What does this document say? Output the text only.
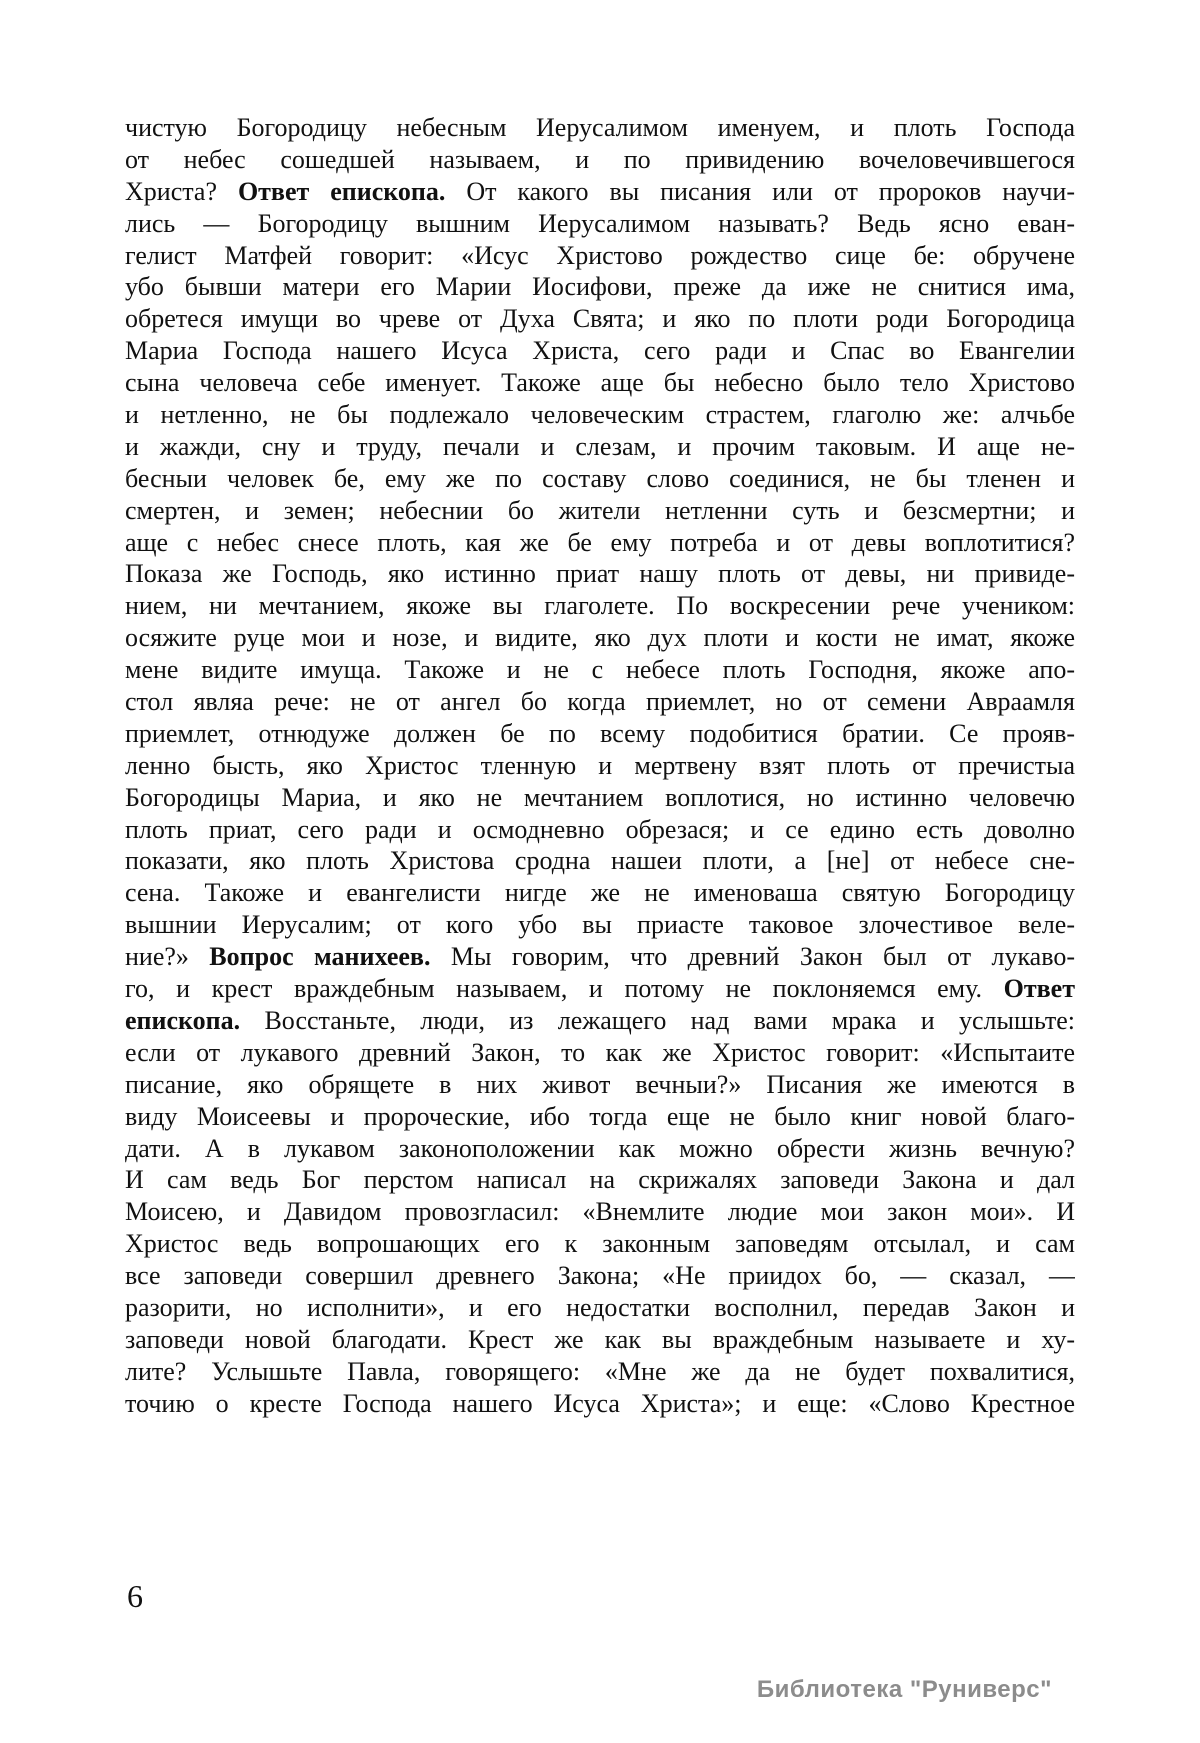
чистую Богородицу небесным Иерусалимом именуем, и плоть Господа
от небес сошедшей называем, и по привидению вочеловечившегося
Христа? Ответ епископа. От какого вы писания или от пророков научи-
лись — Богородицу вышним Иерусалимом называть? Ведь ясно еван-
гелист Матфей говорит: «Исус Христово рождество сице бе: обручене
убо бывши матери его Марии Иосифови, преже да иже не снитися има,
обретеся имущи во чреве от Духа Свята; и яко по плоти роди Богородица
Мариа Господа нашего Исуса Христа, сего ради и Спас во Евангелии
сына человеча себе именует. Такоже аще бы небесно было тело Христово
и нетленно, не бы подлежало человеческим страстем, глаголю же: алчьбе
и жажди, сну и труду, печали и слезам, и прочим таковым. И аще не-
бесныи человек бе, ему же по составу слово соединися, не бы тленен и
смертен, и земен; небеснии бо жители нетленни суть и безсмертни; и
аще с небес снесе плоть, кая же бе ему потреба и от девы воплотитися?
Показа же Господь, яко истинно приат нашу плоть от девы, ни привиде-
нием, ни мечтанием, якоже вы глаголете. По воскресении рече учеником:
осяжите руце мои и нозе, и видите, яко дух плоти и кости не имат, якоже
мене видите имуща. Такоже и не с небесе плоть Господня, якоже апо-
стол являа рече: не от ангел бо когда приемлет, но от семени Авраамля
приемлет, отнюдуже должен бе по всему подобитися братии. Се прояв-
ленно бысть, яко Христос тленную и мертвену взят плоть от пречистыа
Богородицы Мариа, и яко не мечтанием воплотися, но истинно человечю
плоть приат, сего ради и осмодневно обрезася; и се едино есть доволно
показати, яко плоть Христова сродна нашеи плоти, а [не] от небесе сне-
сена. Такоже и евангелисти нигде же не именоваша святую Богородицу
вышнии Иерусалим; от кого убо вы приасте таковое злочестивое веле-
ние?» Вопрос манихеев. Мы говорим, что древний Закон был от лукаво-
го, и крест враждебным называем, и потому не поклоняемся ему. Ответ
епископа. Восстаньте, люди, из лежащего над вами мрака и услышьте:
если от лукавого древний Закон, то как же Христос говорит: «Испытаите
писание, яко обрящете в них живот вечныи?» Писания же имеются в
виду Моисеевы и пророческие, ибо тогда еще не было книг новой благо-
дати. А в лукавом законоположении как можно обрести жизнь вечную?
И сам ведь Бог перстом написал на скрижалях заповеди Закона и дал
Моисею, и Давидом провозгласил: «Внемлите людие мои закон мои». И
Христос ведь вопрошающих его к законным заповедям отсылал, и сам
все заповеди совершил древнего Закона; «Не приидох бо, — сказал, —
разорити, но исполнити», и его недостатки восполнил, передав Закон и
заповеди новой благодати. Крест же как вы враждебным называете и ху-
лите? Услышьте Павла, говорящего: «Мне же да не будет похвалитися,
точию о кресте Господа нашего Исуса Христа»; и еще: «Слово Крестное
6
Библиотека "Руниверс"
